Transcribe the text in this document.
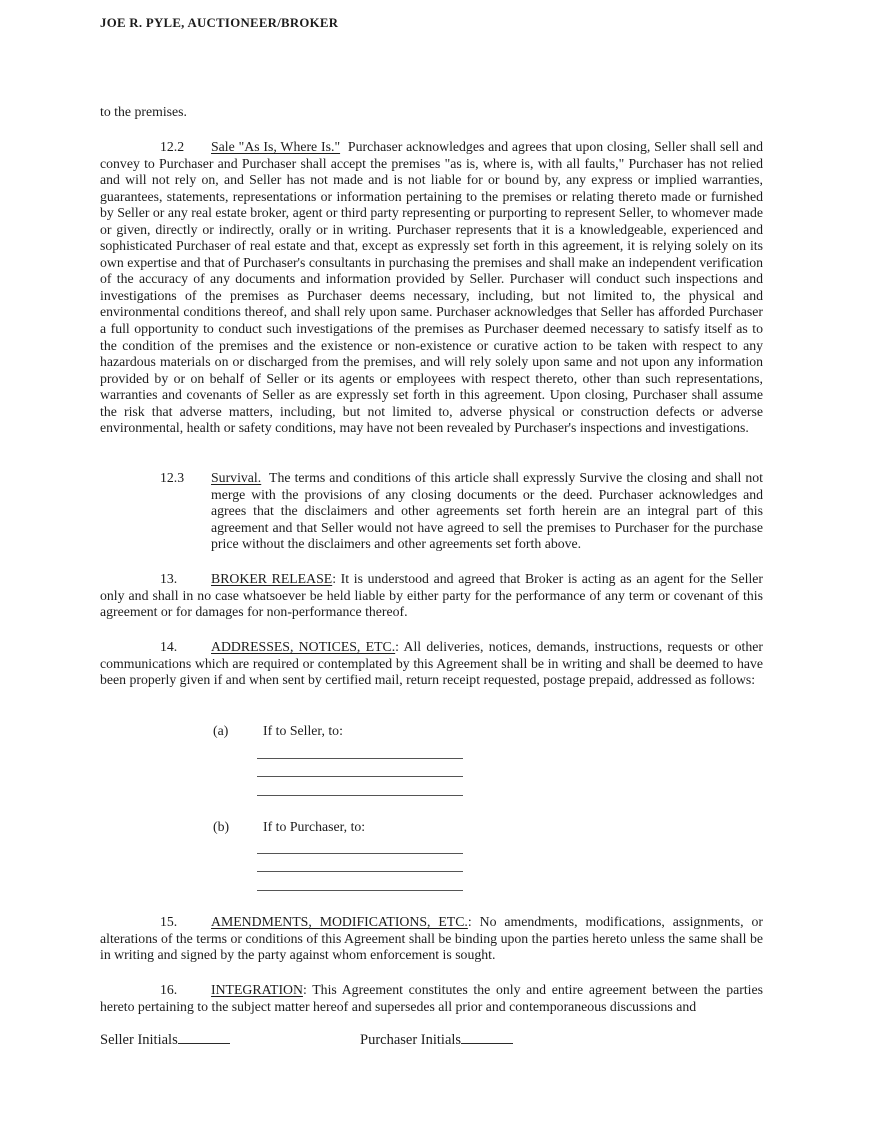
JOE R. PYLE, AUCTIONEER/BROKER
to the premises.
12.2 Sale "As Is, Where Is." Purchaser acknowledges and agrees that upon closing, Seller shall sell and convey to Purchaser and Purchaser shall accept the premises "as is, where is, with all faults," Purchaser has not relied and will not rely on, and Seller has not made and is not liable for or bound by, any express or implied warranties, guarantees, statements, representations or information pertaining to the premises or relating thereto made or furnished by Seller or any real estate broker, agent or third party representing or purporting to represent Seller, to whomever made or given, directly or indirectly, orally or in writing. Purchaser represents that it is a knowledgeable, experienced and sophisticated Purchaser of real estate and that, except as expressly set forth in this agreement, it is relying solely on its own expertise and that of Purchaser's consultants in purchasing the premises and shall make an independent verification of the accuracy of any documents and information provided by Seller. Purchaser will conduct such inspections and investigations of the premises as Purchaser deems necessary, including, but not limited to, the physical and environmental conditions thereof, and shall rely upon same. Purchaser acknowledges that Seller has afforded Purchaser a full opportunity to conduct such investigations of the premises as Purchaser deemed necessary to satisfy itself as to the condition of the premises and the existence or non-existence or curative action to be taken with respect to any hazardous materials on or discharged from the premises, and will rely solely upon same and not upon any information provided by or on behalf of Seller or its agents or employees with respect thereto, other than such representations, warranties and covenants of Seller as are expressly set forth in this agreement. Upon closing, Purchaser shall assume the risk that adverse matters, including, but not limited to, adverse physical or construction defects or adverse environmental, health or safety conditions, may have not been revealed by Purchaser's inspections and investigations.
12.3 Survival. The terms and conditions of this article shall expressly Survive the closing and shall not merge with the provisions of any closing documents or the deed. Purchaser acknowledges and agrees that the disclaimers and other agreements set forth herein are an integral part of this agreement and that Seller would not have agreed to sell the premises to Purchaser for the purchase price without the disclaimers and other agreements set forth above.
13. BROKER RELEASE: It is understood and agreed that Broker is acting as an agent for the Seller only and shall in no case whatsoever be held liable by either party for the performance of any term or covenant of this agreement or for damages for non-performance thereof.
14. ADDRESSES, NOTICES, ETC.: All deliveries, notices, demands, instructions, requests or other communications which are required or contemplated by this Agreement shall be in writing and shall be deemed to have been properly given if and when sent by certified mail, return receipt requested, postage prepaid, addressed as follows:
(a)	If to Seller, to:
(b) If to Purchaser, to:
15. AMENDMENTS, MODIFICATIONS, ETC.: No amendments, modifications, assignments, or alterations of the terms or conditions of this Agreement shall be binding upon the parties hereto unless the same shall be in writing and signed by the party against whom enforcement is sought.
16. INTEGRATION: This Agreement constitutes the only and entire agreement between the parties hereto pertaining to the subject matter hereof and supersedes all prior and contemporaneous discussions and
Seller Initials	Purchaser Initials
